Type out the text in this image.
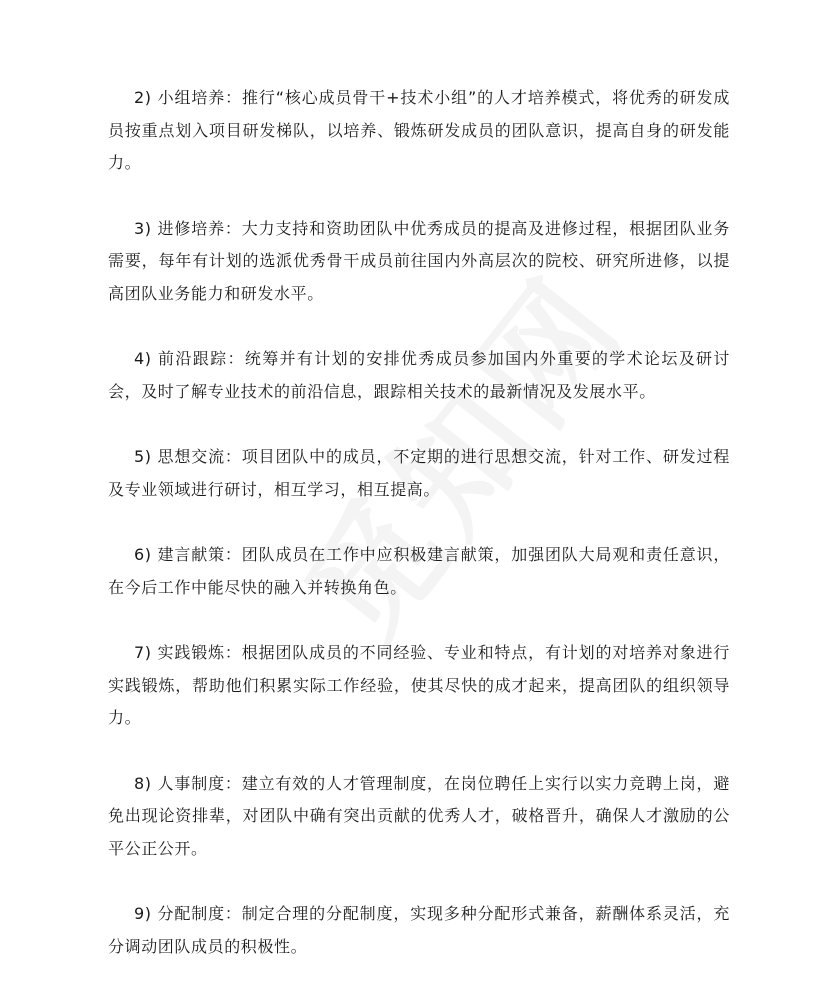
2) 小组培养：推行“核心成员骨干+技术小组”的人才培养模式，将优秀的研发成员按重点划入项目研发梯队，以培养、锻炼研发成员的团队意识，提高自身的研发能力。

3) 进修培养：大力支持和资助团队中优秀成员的提高及进修过程，根据团队业务需要，每年有计划的选派优秀骨干成员前往国内外高层次的院校、研究所进修，以提高团队业务能力和研发水平。

4) 前沿跟踪：统筹并有计划的安排优秀成员参加国内外重要的学术论坛及研讨会，及时了解专业技术的前沿信息，跟踪相关技术的最新情况及发展水平。

5) 思想交流：项目团队中的成员，不定期的进行思想交流，针对工作、研发过程及专业领域进行研讨，相互学习，相互提高。

6) 建言献策：团队成员在工作中应积极建言献策，加强团队大局观和责任意识，在今后工作中能尽快的融入并转换角色。

7) 实践锻炼：根据团队成员的不同经验、专业和特点，有计划的对培养对象进行实践锻炼，帮助他们积累实际工作经验，使其尽快的成才起来，提高团队的组织领导力。

8) 人事制度：建立有效的人才管理制度，在岗位聘任上实行以实力竞聘上岗，避免出现论资排辈，对团队中确有突出贡献的优秀人才，破格晋升，确保人才激励的公平公正公开。

9) 分配制度：制定合理的分配制度，实现多种分配形式兼备，薪酬体系灵活，充分调动团队成员的积极性。
